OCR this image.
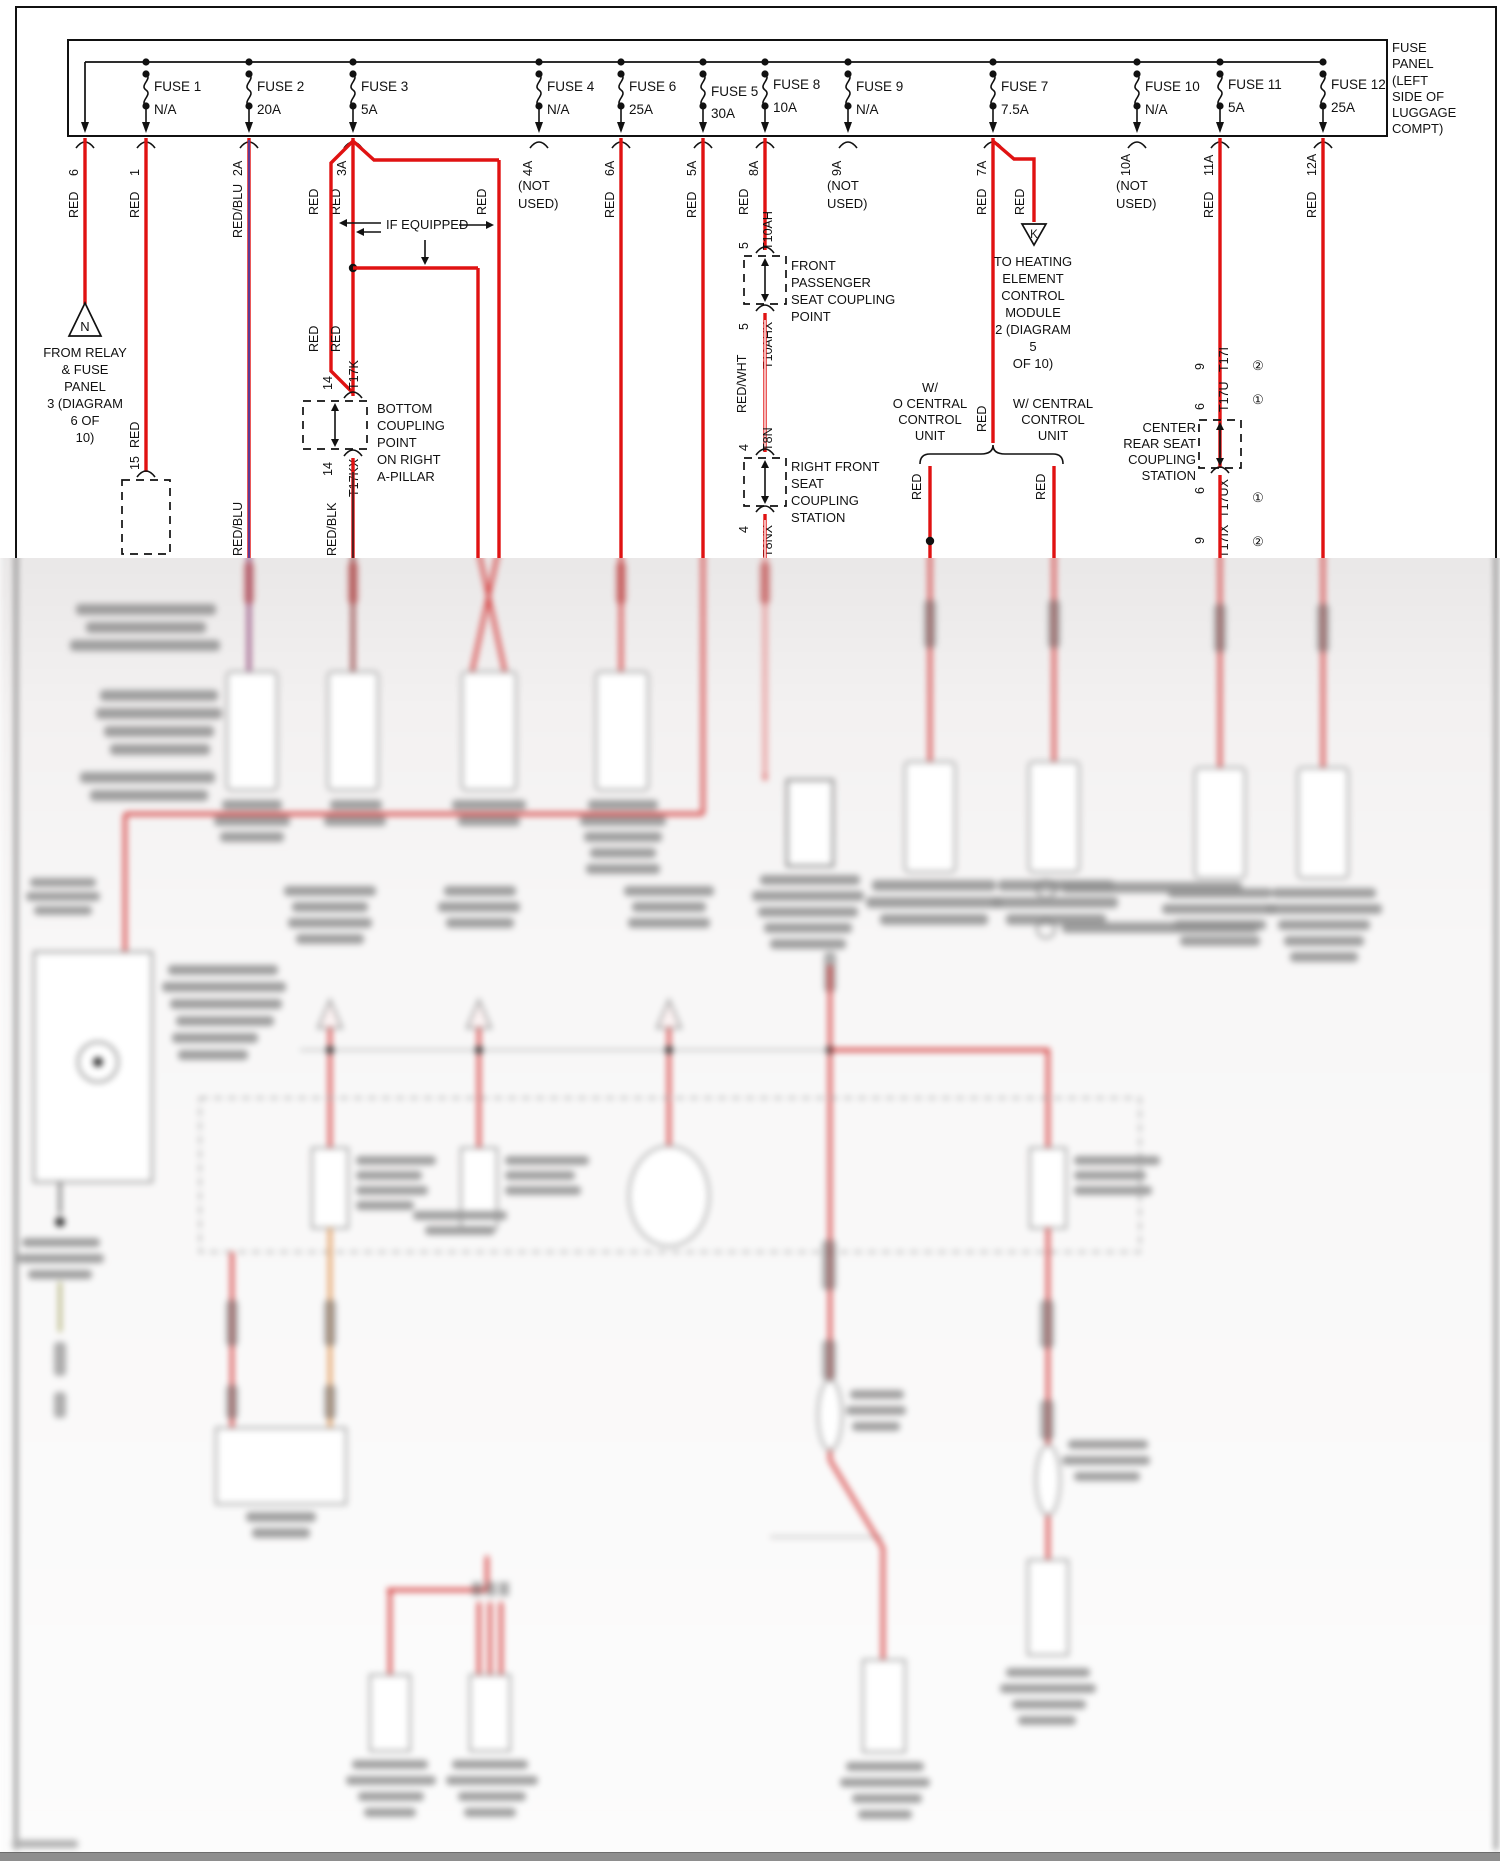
FUSE
PANEL
(LEFT
SIDE OF
LUGGAGE
COMPT)
FUSE 1
N/A
FUSE 2
20A
FUSE 3
5A
FUSE 4
N/A
FUSE 6
25A
FUSE 5
30A
FUSE 8
10A
FUSE 9
N/A
FUSE 7
7.5A
FUSE 10
N/A
FUSE 11
5A
FUSE 12
25A
6	1	2A	3A	4A	6A	5A	8A	9A	7A	10A	11A	12A
RED	RED	RED/BLU	RED RED	RED	RED	RED	RED	RED RED	RED	RED
(NOT
USED)
(NOT
USED)
(NOT
USED)
N
FROM RELAY
& FUSE
PANEL
3 (DIAGRAM
6 OF
10)	RED
15
RED/BLU
RED RED
IF EQUIPPED
14 T17K
BOTTOM
COUPLING
POINT
ON RIGHT
A-PILLAR
14 T17KX
RED/BLK
5 T10AH
FRONT
PASSENGER
SEAT COUPLING
POINT
5 T10AHX
RED/WHT
4 T8N
RIGHT FRONT
SEAT
COUPLING
STATION
4 T8NX
K
TO HEATING
ELEMENT
CONTROL
MODULE
2 (DIAGRAM
5
OF 10)
W/
O CENTRAL
CONTROL
UNIT
RED
W/ CENTRAL
CONTROL
UNIT
RED	RED
9 T17I ②
6 T17U ①
CENTER
REAR SEAT
COUPLING
STATION
6 T17UX ①
9 T17IX ②
